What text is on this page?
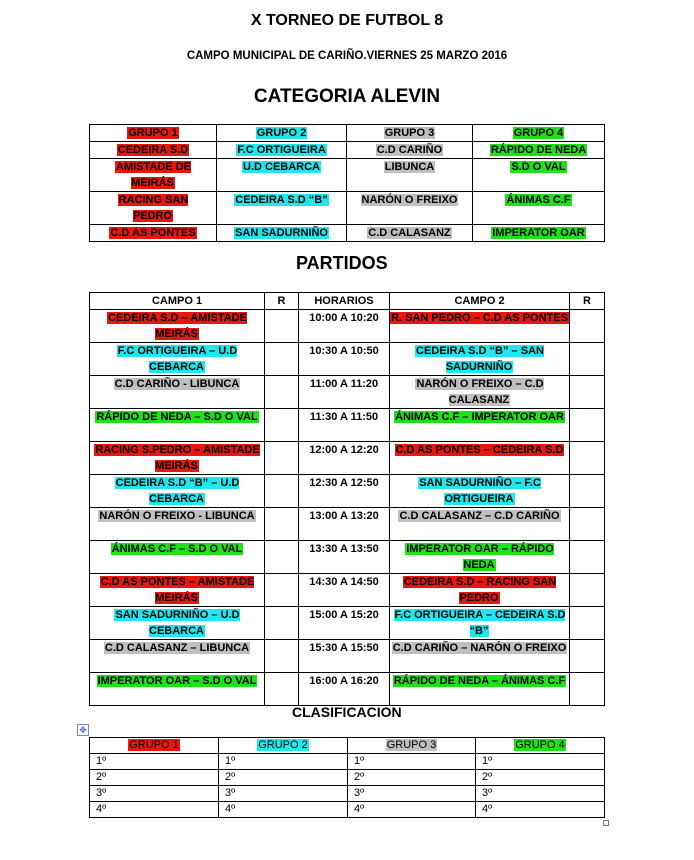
X TORNEO DE FUTBOL 8
CAMPO MUNICIPAL DE CARIÑO.VIERNES 25 MARZO 2016
CATEGORIA ALEVIN
GRUPO 1	GRUPO 2	GRUPO 3	GRUPO 4
CEDEIRA S.D	F.C ORTIGUEIRA	C.D CARIÑO	RÁPIDO DE NEDA
AMISTADE DE MEIRÁS	U.D CEBARCA	LIBUNCA	S.D O VAL
RACING SAN PEDRO	CEDEIRA S.D “B”	NARÓN O FREIXO	ÁNIMAS C.F
C.D AS PONTES	SAN SADURNIÑO	C.D CALASANZ	IMPERATOR OAR
PARTIDOS
CAMPO 1	R	HORARIOS	CAMPO 2	R
CEDEIRA S.D – AMISTADE MEIRÁS		10:00 A 10:20	R. SAN PEDRO – C.D AS PONTES	
F.C ORTIGUEIRA – U.D CEBARCA		10:30 A 10:50	CEDEIRA S.D “B” – SAN SADURNIÑO	
C.D CARIÑO - LIBUNCA		11:00 A 11:20	NARÓN O FREIXO – C.D CALASANZ	
RÁPIDO DE NEDA – S.D O VAL		11:30 A 11:50	ÁNIMAS C.F – IMPERATOR OAR	
RACING S.PEDRO – AMISTADE MEIRÁS		12:00 A 12:20	C.D AS PONTES – CEDEIRA S.D	
CEDEIRA S.D “B” – U.D CEBARCA		12:30 A 12:50	SAN SADURNIÑO – F.C ORTIGUEIRA	
NARÓN O FREIXO - LIBUNCA		13:00 A 13:20	C.D CALASANZ – C.D CARIÑO	
ÁNIMAS C.F – S.D O VAL		13:30 A 13:50	IMPERATOR OAR – RÁPIDO NEDA	
C.D AS PONTES – AMISTADE MEIRÁS		14:30 A 14:50	CEDEIRA S.D – RACING SAN PEDRO	
SAN SADURNIÑO – U.D CEBARCA		15:00 A 15:20	F.C ORTIGUEIRA – CEDEIRA S.D “B”	
C.D CALASANZ – LIBUNCA		15:30 A 15:50	C.D CARIÑO – NARÓN O FREIXO	
IMPERATOR OAR – S.D O VAL		16:00 A 16:20	RÁPIDO DE NEDA – ÁNIMAS C.F	
CLASIFICACION
✥
GRUPO 1	GRUPO 2	GRUPO 3	GRUPO 4
1º	1º	1º	1º
2º	2º	2º	2º
3º	3º	3º	3º
4º	4º	4º	4º
